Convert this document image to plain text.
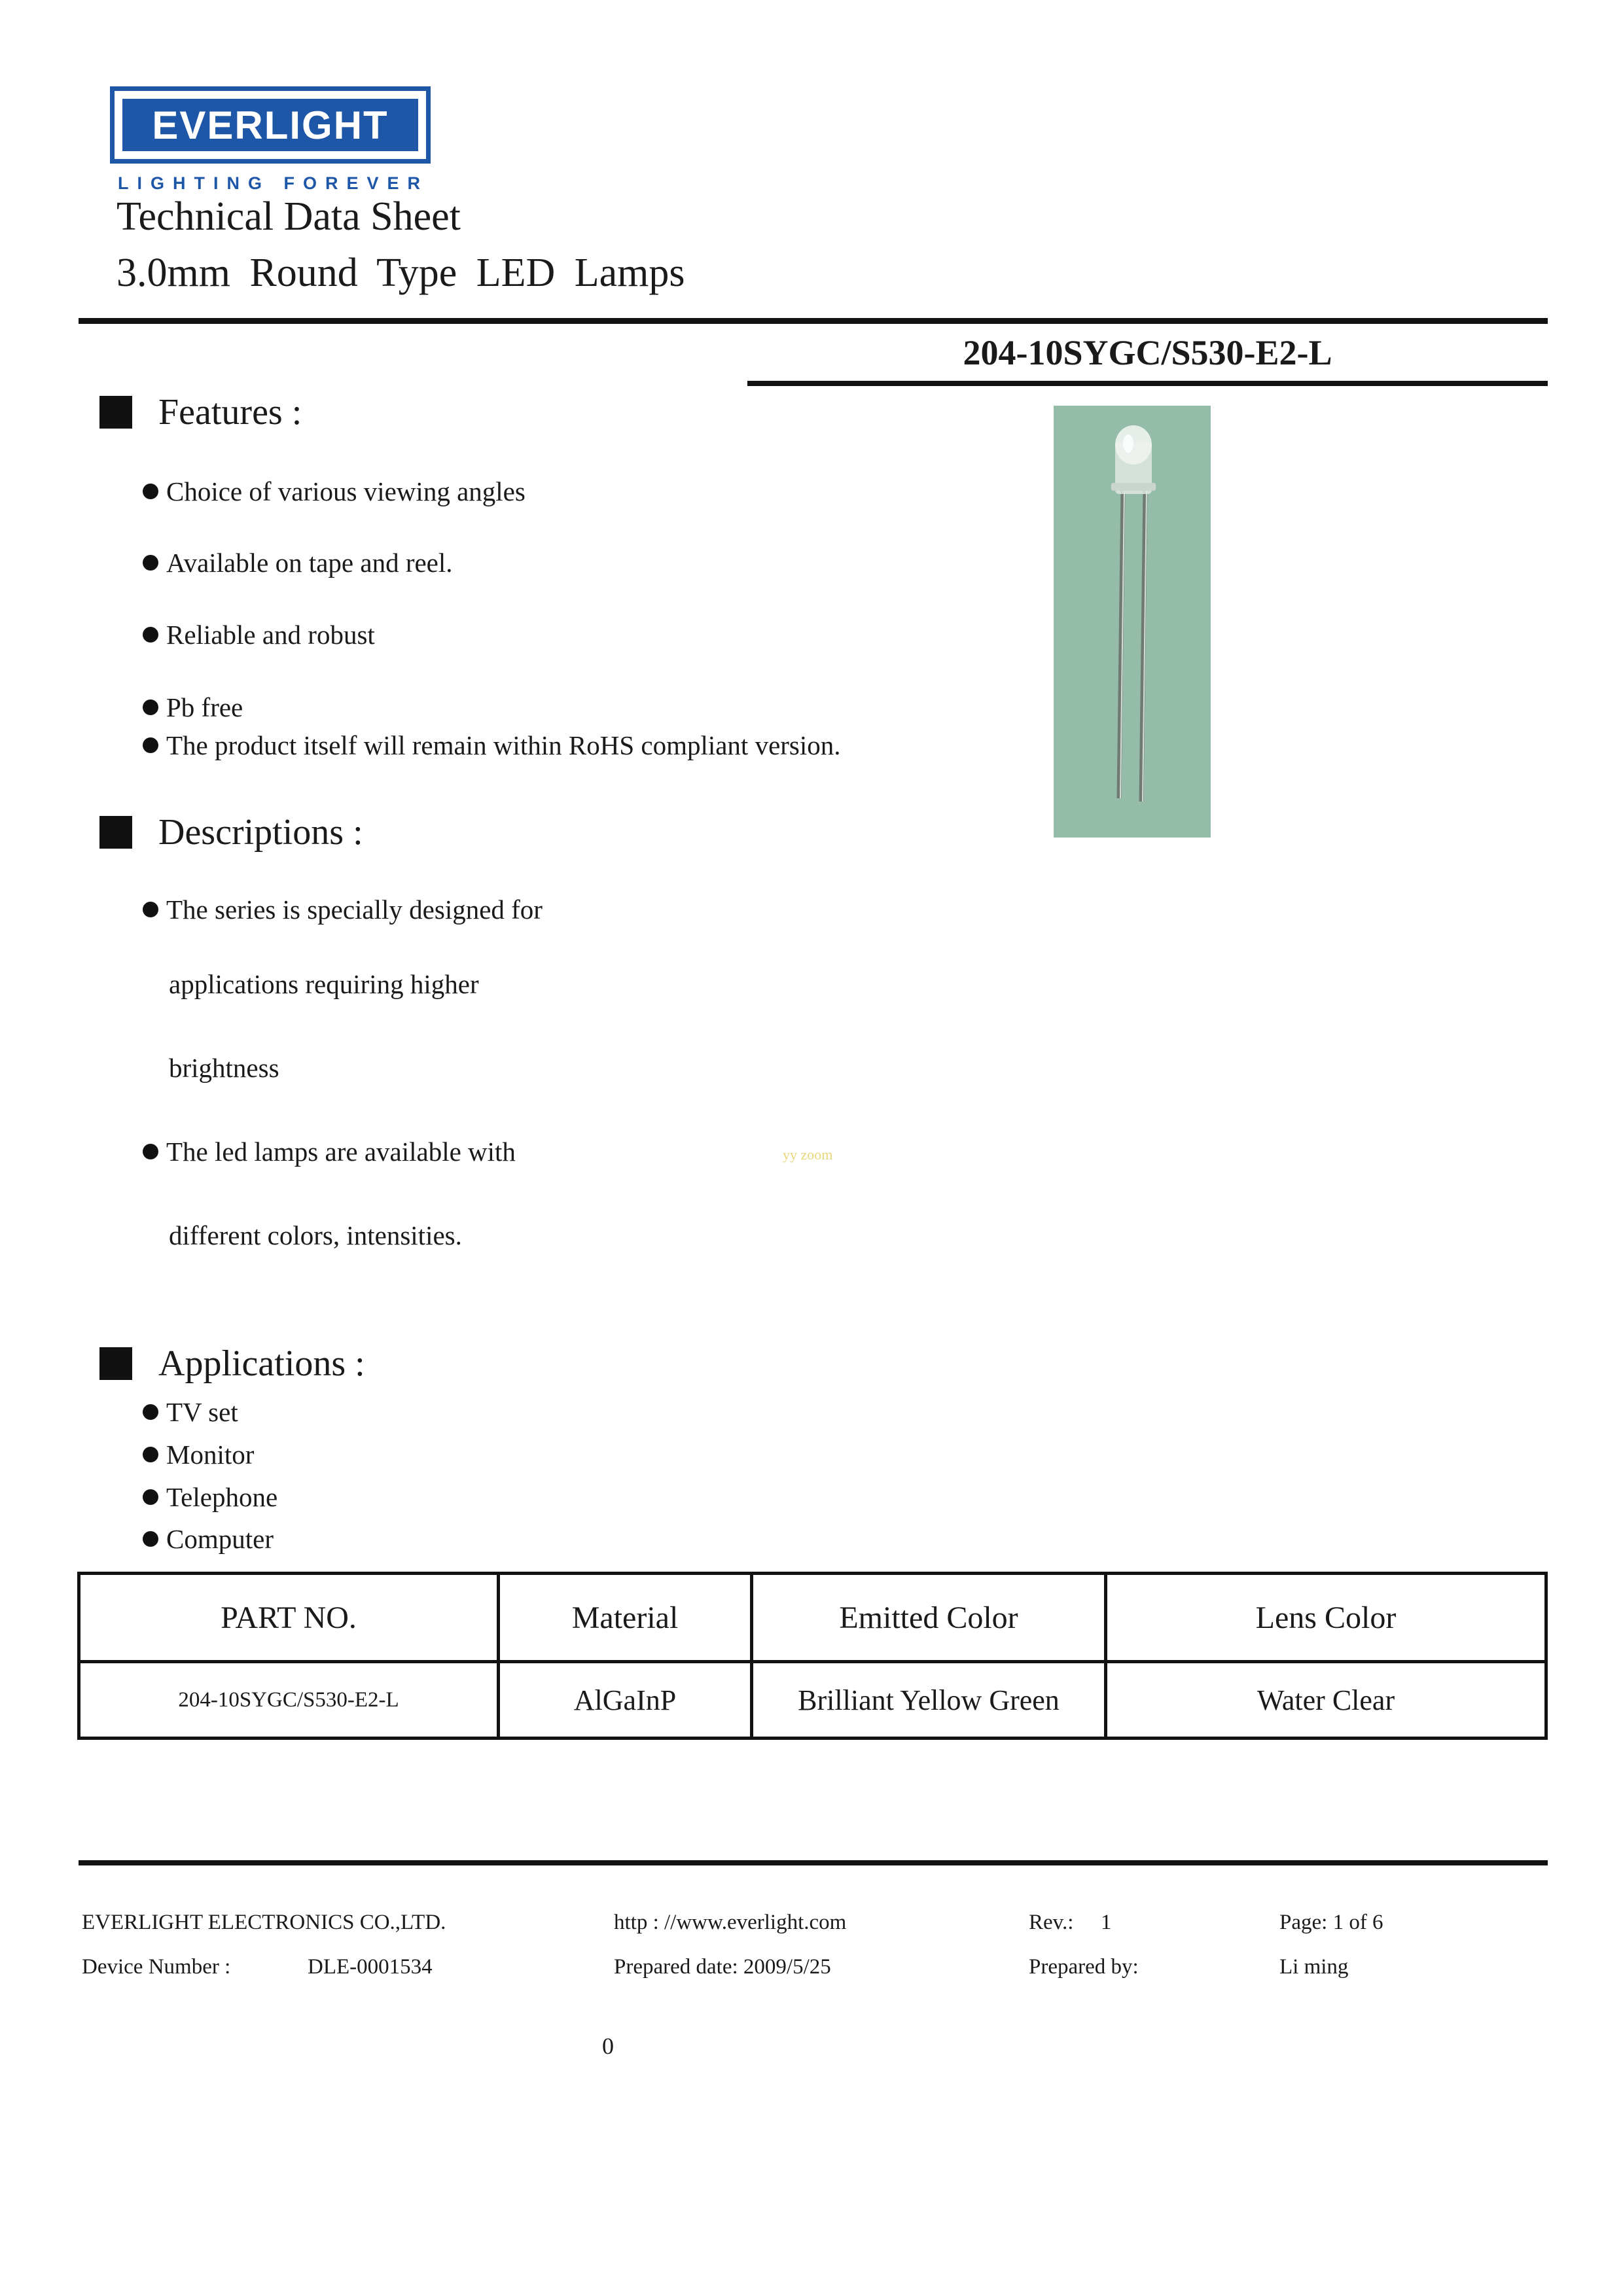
EVERLIGHT
LIGHTING FOREVER
Technical Data Sheet
3.0mm Round Type LED Lamps
204-10SYGC/S530-E2-L
Features :
Choice of various viewing angles
Available on tape and reel.
Reliable and robust
Pb free
The product itself will remain within RoHS compliant version.
Descriptions :
The series is specially designed for
applications requiring higher
brightness
The led lamps are available with
different colors, intensities.
yy zoom
Applications :
TV set
Monitor
Telephone
Computer
PART NO.	Material	Emitted Color	Lens Color
204-10SYGC/S530-E2-L	AlGaInP	Brilliant Yellow Green	Water Clear
EVERLIGHT ELECTRONICS CO.,LTD.	http : //www.everlight.com	Rev.: 1	Page: 1 of 6
Device Number :	DLE-0001534	Prepared date: 2009/5/25	Prepared by:	Li ming
0
